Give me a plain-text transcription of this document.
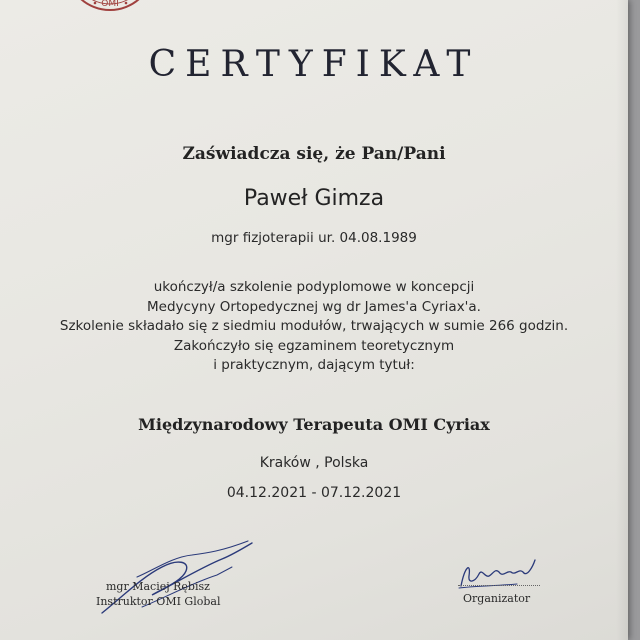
OMI
CERTYFIKAT
Zaświadcza się, że Pan/Pani
Paweł Gimza
mgr fizjoterapii ur. 04.08.1989
ukończył/a szkolenie podyplomowe w koncepcji
Medycyny Ortopedycznej wg dr James'a Cyriax'a.
Szkolenie składało się z siedmiu modułów, trwających w sumie 266 godzin.
Zakończyło się egzaminem teoretycznym
i praktycznym, dającym tytuł:
Międzynarodowy Terapeuta OMI Cyriax
Kraków , Polska
04.12.2021 - 07.12.2021
mgr Maciej Rębisz
Instruktor OMI Global	Organizator
